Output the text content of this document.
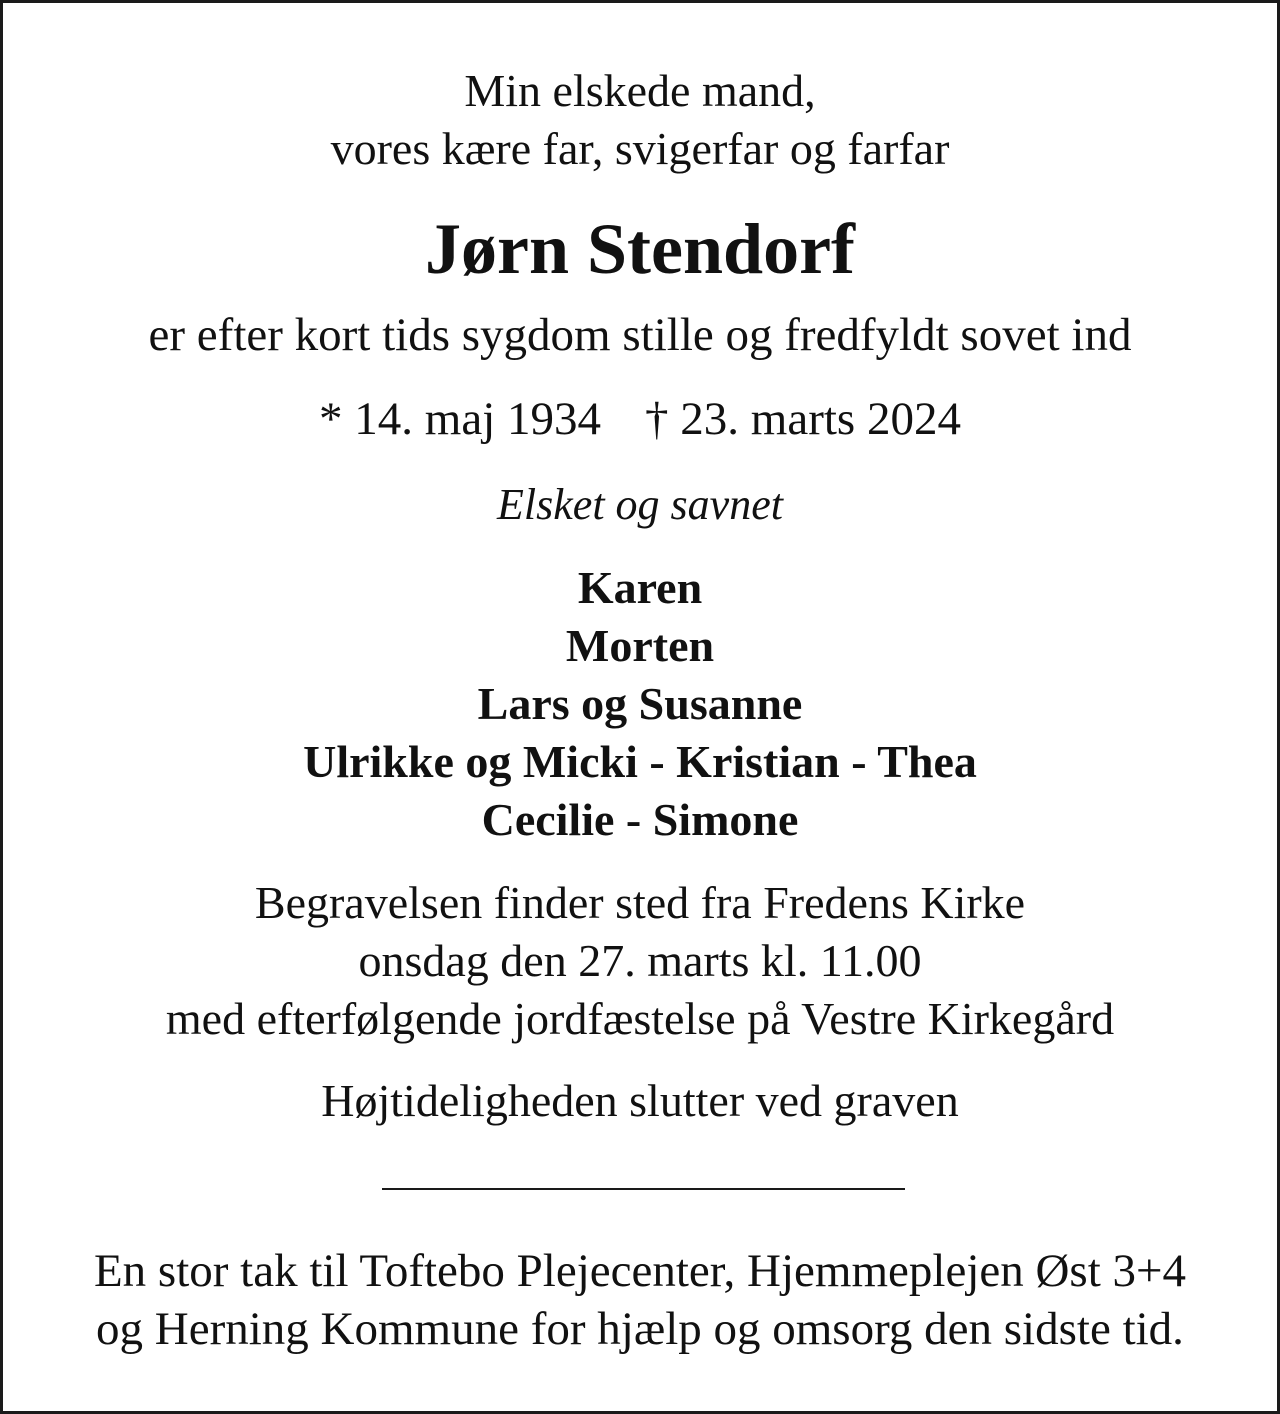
Min elskede mand,
vores kære far, svigerfar og farfar
Jørn Stendorf
er efter kort tids sygdom stille og fredfyldt sovet ind
* 14. maj 1934 † 23. marts 2024
Elsket og savnet
Karen
Morten
Lars og Susanne
Ulrikke og Micki - Kristian - Thea
Cecilie - Simone
Begravelsen finder sted fra Fredens Kirke
onsdag den 27. marts kl. 11.00
med efterfølgende jordfæstelse på Vestre Kirkegård
Højtideligheden slutter ved graven
En stor tak til Toftebo Plejecenter, Hjemmeplejen Øst 3+4
og Herning Kommune for hjælp og omsorg den sidste tid.
